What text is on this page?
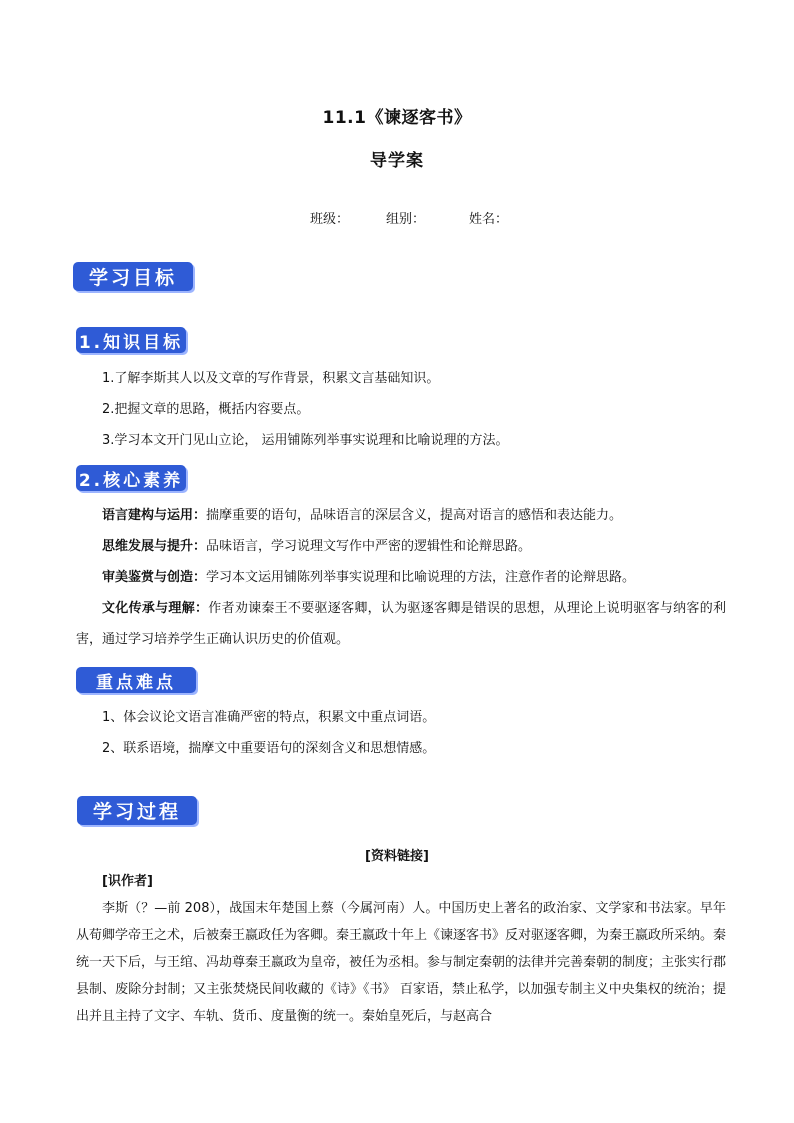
11.1《谏逐客书》
导学案
班级：	组别：	姓名：
学习目标
1.知识目标
1.了解李斯其人以及文章的写作背景，积累文言基础知识。
2.把握文章的思路，概括内容要点。
3.学习本文开门见山立论， 运用铺陈列举事实说理和比喻说理的方法。
2.核心素养
语言建构与运用：揣摩重要的语句，品味语言的深层含义，提高对语言的感悟和表达能力。
思维发展与提升：品味语言，学习说理文写作中严密的逻辑性和论辩思路。
审美鉴赏与创造：学习本文运用铺陈列举事实说理和比喻说理的方法，注意作者的论辩思路。
文化传承与理解：作者劝谏秦王不要驱逐客卿，认为驱逐客卿是错误的思想，从理论上说明驱客与纳客的利害，通过学习培养学生正确认识历史的价值观。
重点难点
1、体会议论文语言准确严密的特点，积累文中重点词语。
2、联系语境，揣摩文中重要语句的深刻含义和思想情感。
学习过程
[资料链接]
[识作者]
李斯（？—前 208），战国末年楚国上蔡（今属河南）人。中国历史上著名的政治家、文学家和书法家。早年从荀卿学帝王之术，后被秦王嬴政任为客卿。秦王嬴政十年上《谏逐客书》反对驱逐客卿，为秦王嬴政所采纳。秦统一天下后，与王绾、冯劫尊秦王嬴政为皇帝，被任为丞相。参与制定秦朝的法律并完善秦朝的制度；主张实行郡县制、废除分封制；又主张焚烧民间收藏的《诗》《书》 百家语，禁止私学，以加强专制主义中央集权的统治；提出并且主持了文字、车轨、货币、度量衡的统一。秦始皇死后，与赵高合
